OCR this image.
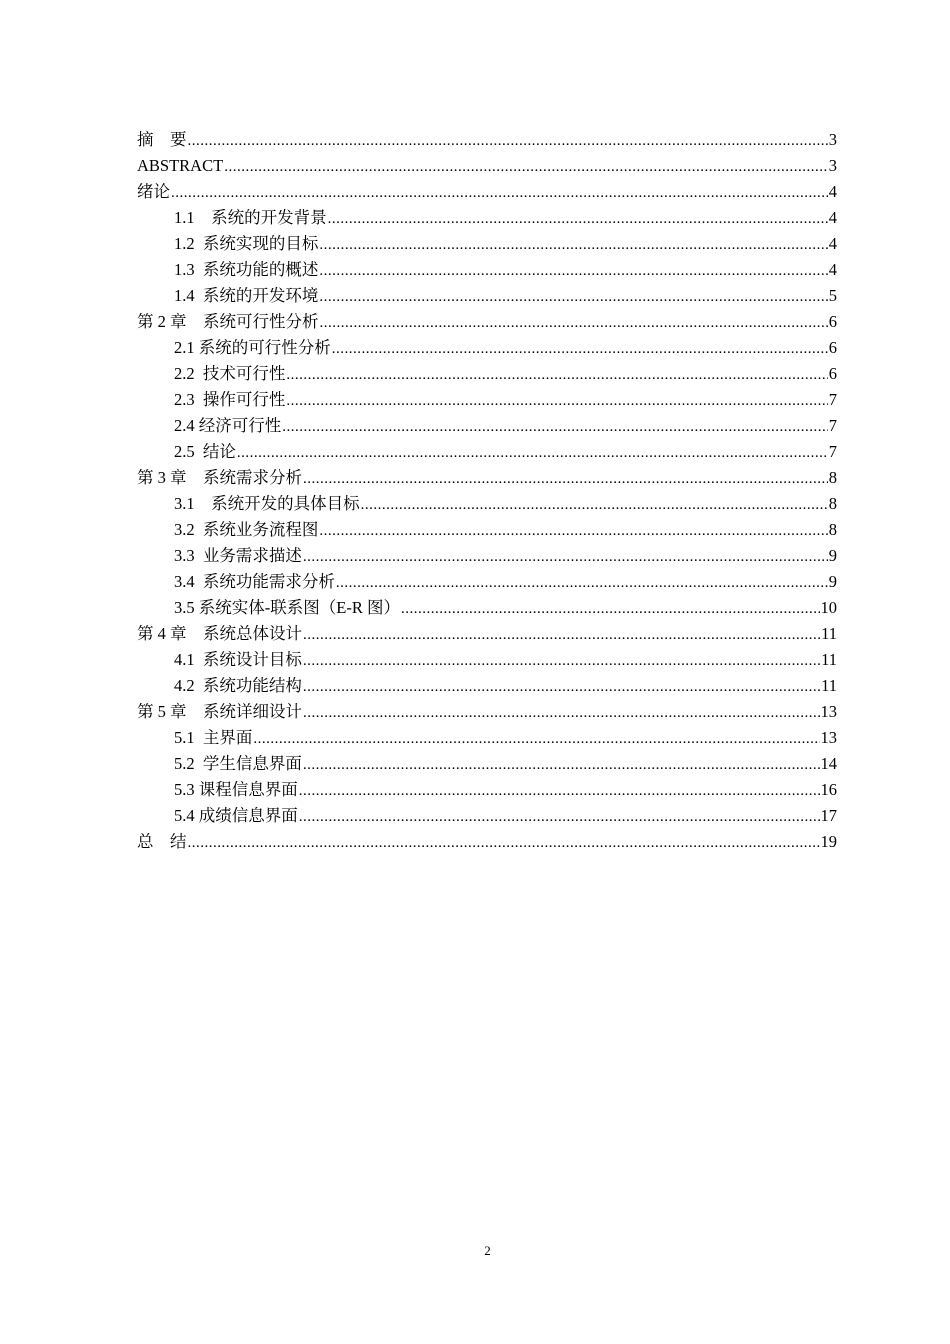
摘    要 .....	3
ABSTRACT .....	3
绪论 .....	4
1.1    系统的开发背景 .....	4
1.2  系统实现的目标 .....	4
1.3  系统功能的概述 .....	4
1.4  系统的开发环境 .....	5
第 2 章    系统可行性分析 .....	6
2.1 系统的可行性分析 .....	6
2.2  技术可行性 .....	6
2.3  操作可行性 .....	7
2.4 经济可行性 .....	7
2.5  结论 .....	7
第 3 章    系统需求分析 .....	8
3.1    系统开发的具体目标 .....	8
3.2  系统业务流程图 .....	8
3.3  业务需求描述 .....	9
3.4  系统功能需求分析 .....	9
3.5 系统实体-联系图（E-R 图） .....	10
第 4 章    系统总体设计 .....	11
4.1  系统设计目标 .....	11
4.2  系统功能结构 .....	11
第 5 章    系统详细设计 .....	13
5.1  主界面 .....	13
5.2  学生信息界面 .....	14
5.3 课程信息界面 .....	16
5.4 成绩信息界面 .....	17
总    结 .....	19
2
